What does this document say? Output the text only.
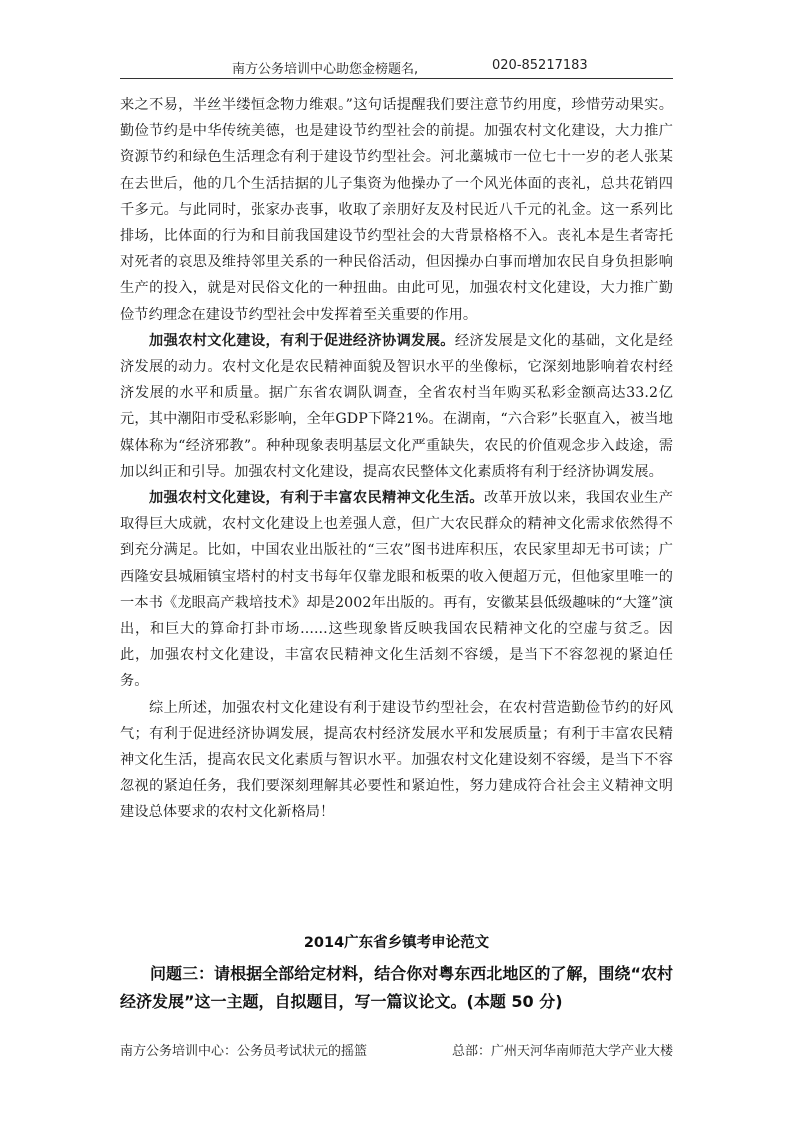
南方公务培训中心助您金榜题名,	020-85217183

来之不易，半丝半缕恒念物力维艰。”这句话提醒我们要注意节约用度，珍惜劳动果实。勤俭节约是中华传统美德，也是建设节约型社会的前提。加强农村文化建设，大力推广资源节约和绿色生活理念有利于建设节约型社会。河北藁城市一位七十一岁的老人张某在去世后，他的几个生活拮据的儿子集资为他操办了一个风光体面的丧礼，总共花销四千多元。与此同时，张家办丧事，收取了亲朋好友及村民近八千元的礼金。这一系列比排场，比体面的行为和目前我国建设节约型社会的大背景格格不入。丧礼本是生者寄托对死者的哀思及维持邻里关系的一种民俗活动，但因操办白事而增加农民自身负担影响生产的投入，就是对民俗文化的一种扭曲。由此可见，加强农村文化建设，大力推广勤俭节约理念在建设节约型社会中发挥着至关重要的作用。

加强农村文化建设，有利于促进经济协调发展。经济发展是文化的基础，文化是经济发展的动力。农村文化是农民精神面貌及智识水平的坐像标，它深刻地影响着农村经济发展的水平和质量。据广东省农调队调查，全省农村当年购买私彩金额高达33.2亿元，其中潮阳市受私彩影响，全年GDP下降21%。在湖南，“六合彩”长驱直入，被当地媒体称为“经济邪教”。种种现象表明基层文化严重缺失，农民的价值观念步入歧途，需加以纠正和引导。加强农村文化建设，提高农民整体文化素质将有利于经济协调发展。

加强农村文化建设，有利于丰富农民精神文化生活。改革开放以来，我国农业生产取得巨大成就，农村文化建设上也差强人意，但广大农民群众的精神文化需求依然得不到充分满足。比如，中国农业出版社的“三农”图书进库积压，农民家里却无书可读；广西隆安县城厢镇宝塔村的村支书每年仅靠龙眼和板栗的收入便超万元，但他家里唯一的一本书《龙眼高产栽培技术》却是2002年出版的。再有，安徽某县低级趣味的“大篷”演出，和巨大的算命打卦市场......这些现象皆反映我国农民精神文化的空虚与贫乏。因此，加强农村文化建设，丰富农民精神文化生活刻不容缓，是当下不容忽视的紧迫任务。

综上所述，加强农村文化建设有利于建设节约型社会，在农村营造勤俭节约的好风气；有利于促进经济协调发展，提高农村经济发展水平和发展质量；有利于丰富农民精神文化生活，提高农民文化素质与智识水平。加强农村文化建设刻不容缓，是当下不容忽视的紧迫任务，我们要深刻理解其必要性和紧迫性，努力建成符合社会主义精神文明建设总体要求的农村文化新格局！

2014广东省乡镇考申论范文

问题三：请根据全部给定材料，结合你对粤东西北地区的了解，围绕“农村经济发展”这一主题，自拟题目，写一篇议论文。(本题 50 分)

南方公务培训中心：公务员考试状元的摇篮	总部：广州天河华南师范大学产业大楼
